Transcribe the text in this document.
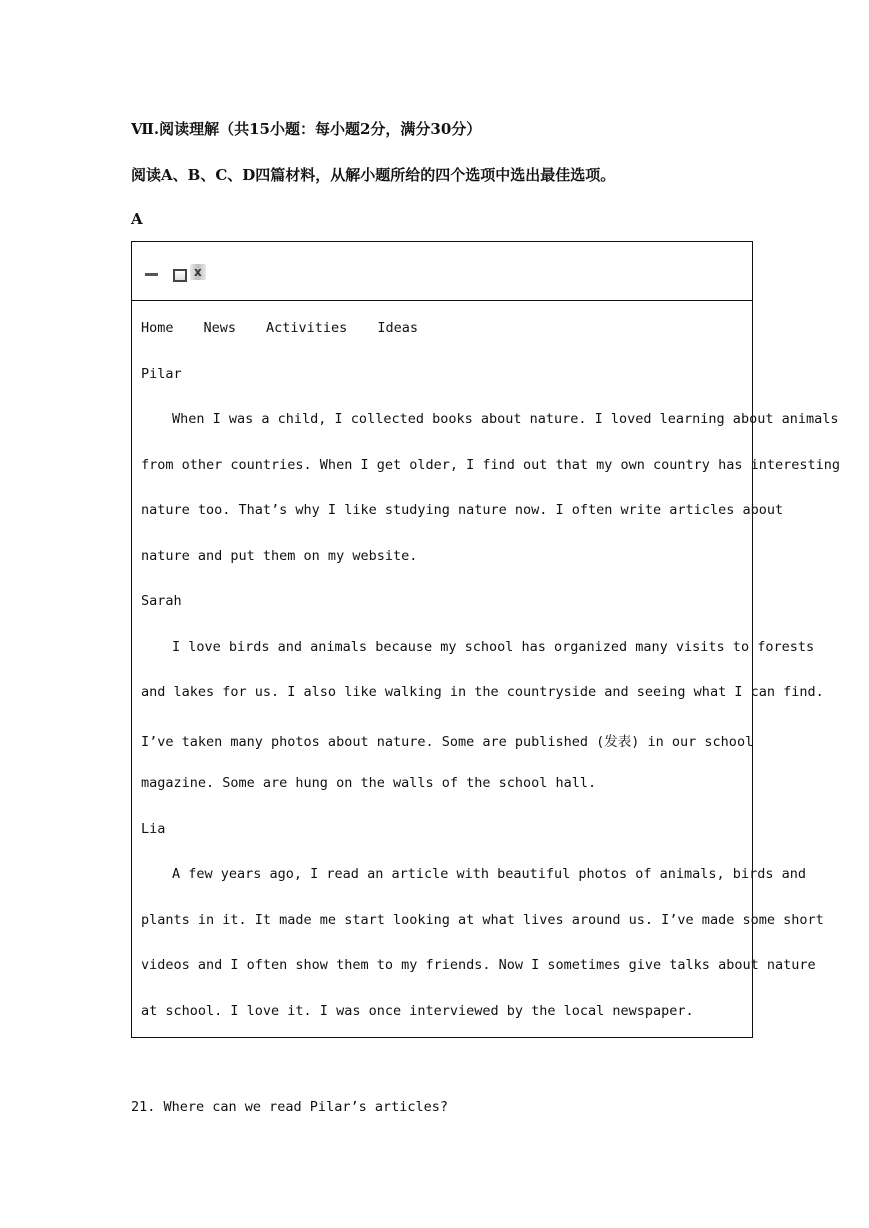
Ⅶ.阅读理解（共15小题：每小题2分，满分30分）
阅读A、B、C、D四篇材料，从解小题所给的四个选项中选出最佳选项。
A
x
Home News Activities Ideas
Pilar
When I was a child, I collected books about nature. I loved learning about animals
from other countries. When I get older, I find out that my own country has interesting
nature too. That’s why I like studying nature now. I often write articles about
nature and put them on my website.
Sarah
I love birds and animals because my school has organized many visits to forests
and lakes for us. I also like walking in the countryside and seeing what I can find.
I’ve taken many photos about nature. Some are published (发表) in our school
magazine. Some are hung on the walls of the school hall.
Lia
A few years ago, I read an article with beautiful photos of animals, birds and
plants in it. It made me start looking at what lives around us. I’ve made some short
videos and I often show them to my friends. Now I sometimes give talks about nature
at school. I love it. I was once interviewed by the local newspaper.
21. Where can we read Pilar’s articles?
